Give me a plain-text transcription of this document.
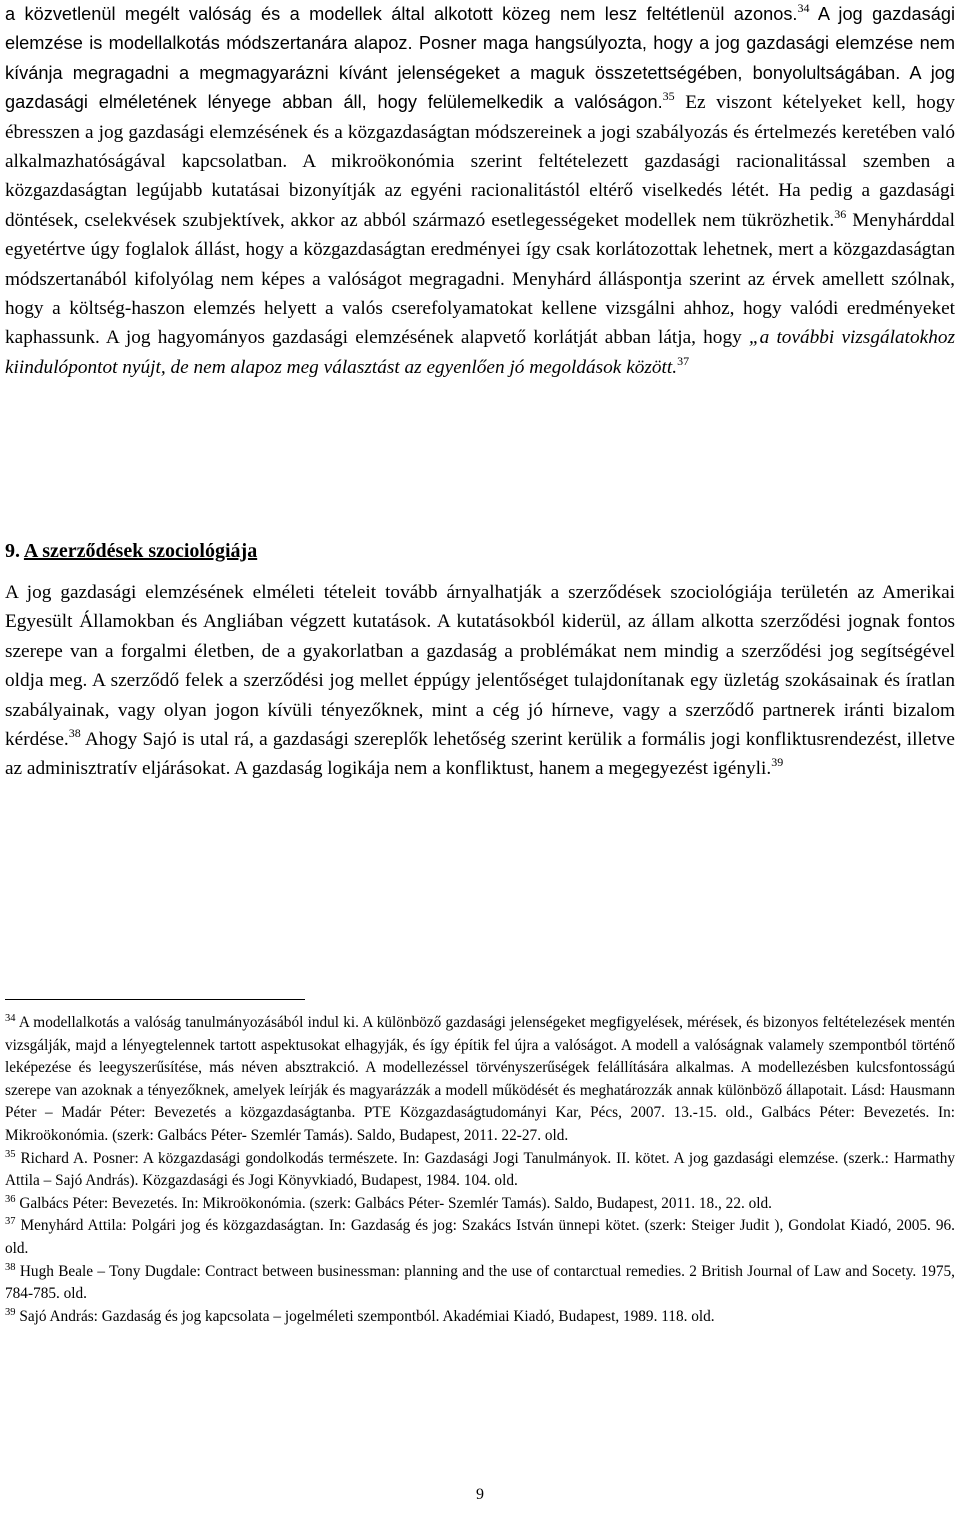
a közvetlenül megélt valóság és a modellek által alkotott közeg nem lesz feltétlenül azonos.$^{34}$ A jog gazdasági elemzése is modellalkotás módszertanára alapoz. Posner maga hangsúlyozta, hogy a jog gazdasági elemzése nem kívánja megragadni a megmagyarázni kívánt jelenségeket a maguk összetettségében, bonyolultságában. A jog gazdasági elméletének lényege abban áll, hogy felülemelkedik a valóságon.$^{35}$ Ez viszont kételyeket kell, hogy ébresszen a jog gazdasági elemzésének és a közgazdaságtan módszereinek a jogi szabályozás és értelmezés keretében való alkalmazhatóságával kapcsolatban. A mikroökonómia szerint feltételezett gazdasági racionalitással szemben a közgazdaságtan legújabb kutatásai bizonyítják az egyéni racionalitástól eltérő viselkedés létét. Ha pedig a gazdasági döntések, cselekvések szubjektívek, akkor az abból származó esetlegességeket modellek nem tükrözhetik.$^{36}$ Menyhárddal egyetértve úgy foglalok állást, hogy a közgazdaságtan eredményei így csak korlátozottak lehetnek, mert a közgazdaságtan módszertanából kifolyólag nem képes a valóságot megragadni. Menyhárd álláspontja szerint az érvek amellett szólnak, hogy a költség-haszon elemzés helyett a valós cserefolyamatokat kellene vizsgálni ahhoz, hogy valódi eredményeket kaphassunk. A jog hagyományos gazdasági elemzésének alapvető korlátját abban látja, hogy „a további vizsgálatokhoz kiindulópontot nyújt, de nem alapoz meg választást az egyenlően jó megoldások között.$^{37}$

9. A szerződések szociológiája

A jog gazdasági elemzésének elméleti tételeit tovább árnyalhatják a szerződések szociológiája területén az Amerikai Egyesült Államokban és Angliában végzett kutatások. A kutatásokból kiderül, az állam alkotta szerződési jognak fontos szerepe van a forgalmi életben, de a gyakorlatban a gazdaság a problémákat nem mindig a szerződési jog segítségével oldja meg. A szerződő felek a szerződési jog mellet éppúgy jelentőséget tulajdonítanak egy üzletág szokásainak és íratlan szabályainak, vagy olyan jogon kívüli tényezőknek, mint a cég jó hírneve, vagy a szerződő partnerek iránti bizalom kérdése.$^{38}$ Ahogy Sajó is utal rá, a gazdasági szereplők lehetőség szerint kerülik a formális jogi konfliktusrendezést, illetve az adminisztratív eljárásokat. A gazdaság logikája nem a konfliktust, hanem a megegyezést igényli.$^{39}$

$^{34}$ A modellalkotás a valóság tanulmányozásából indul ki. A különböző gazdasági jelenségeket megfigyelések, mérések, és bizonyos feltételezések mentén vizsgálják, majd a lényegtelennek tartott aspektusokat elhagyják, és így építik fel újra a valóságot. A modell a valóságnak valamely szempontból történő leképezése és leegyszerűsítése, más néven absztrakció. A modellezéssel törvényszerűségek felállítására alkalmas. A modellezésben kulcsfontosságú szerepe van azoknak a tényezőknek, amelyek leírják és magyarázzák a modell működését és meghatározzák annak különböző állapotait. Lásd: Hausmann Péter – Madár Péter: Bevezetés a közgazdaságtanba. PTE Közgazdaságtudományi Kar, Pécs, 2007. 13.-15. old., Galbács Péter: Bevezetés. In: Mikroökonómia. (szerk: Galbács Péter- Szemlér Tamás). Saldo, Budapest, 2011. 22-27. old.

$^{35}$ Richard A. Posner: A közgazdasági gondolkodás természete. In: Gazdasági Jogi Tanulmányok. II. kötet. A jog gazdasági elemzése. (szerk.: Harmathy Attila – Sajó András). Közgazdasági és Jogi Könyvkiadó, Budapest, 1984. 104. old.

$^{36}$ Galbács Péter: Bevezetés. In: Mikroökonómia. (szerk: Galbács Péter- Szemlér Tamás). Saldo, Budapest, 2011. 18., 22. old.

$^{37}$ Menyhárd Attila: Polgári jog és közgazdaságtan. In: Gazdaság és jog: Szakács István ünnepi kötet. (szerk: Steiger Judit ), Gondolat Kiadó, 2005. 96. old.

$^{38}$ Hugh Beale – Tony Dugdale: Contract between businessman: planning and the use of contarctual remedies. 2 British Journal of Law and Socety. 1975, 784-785. old.

$^{39}$ Sajó András: Gazdaság és jog kapcsolata – jogelméleti szempontból. Akadémiai Kiadó, Budapest, 1989. 118. old.

9
